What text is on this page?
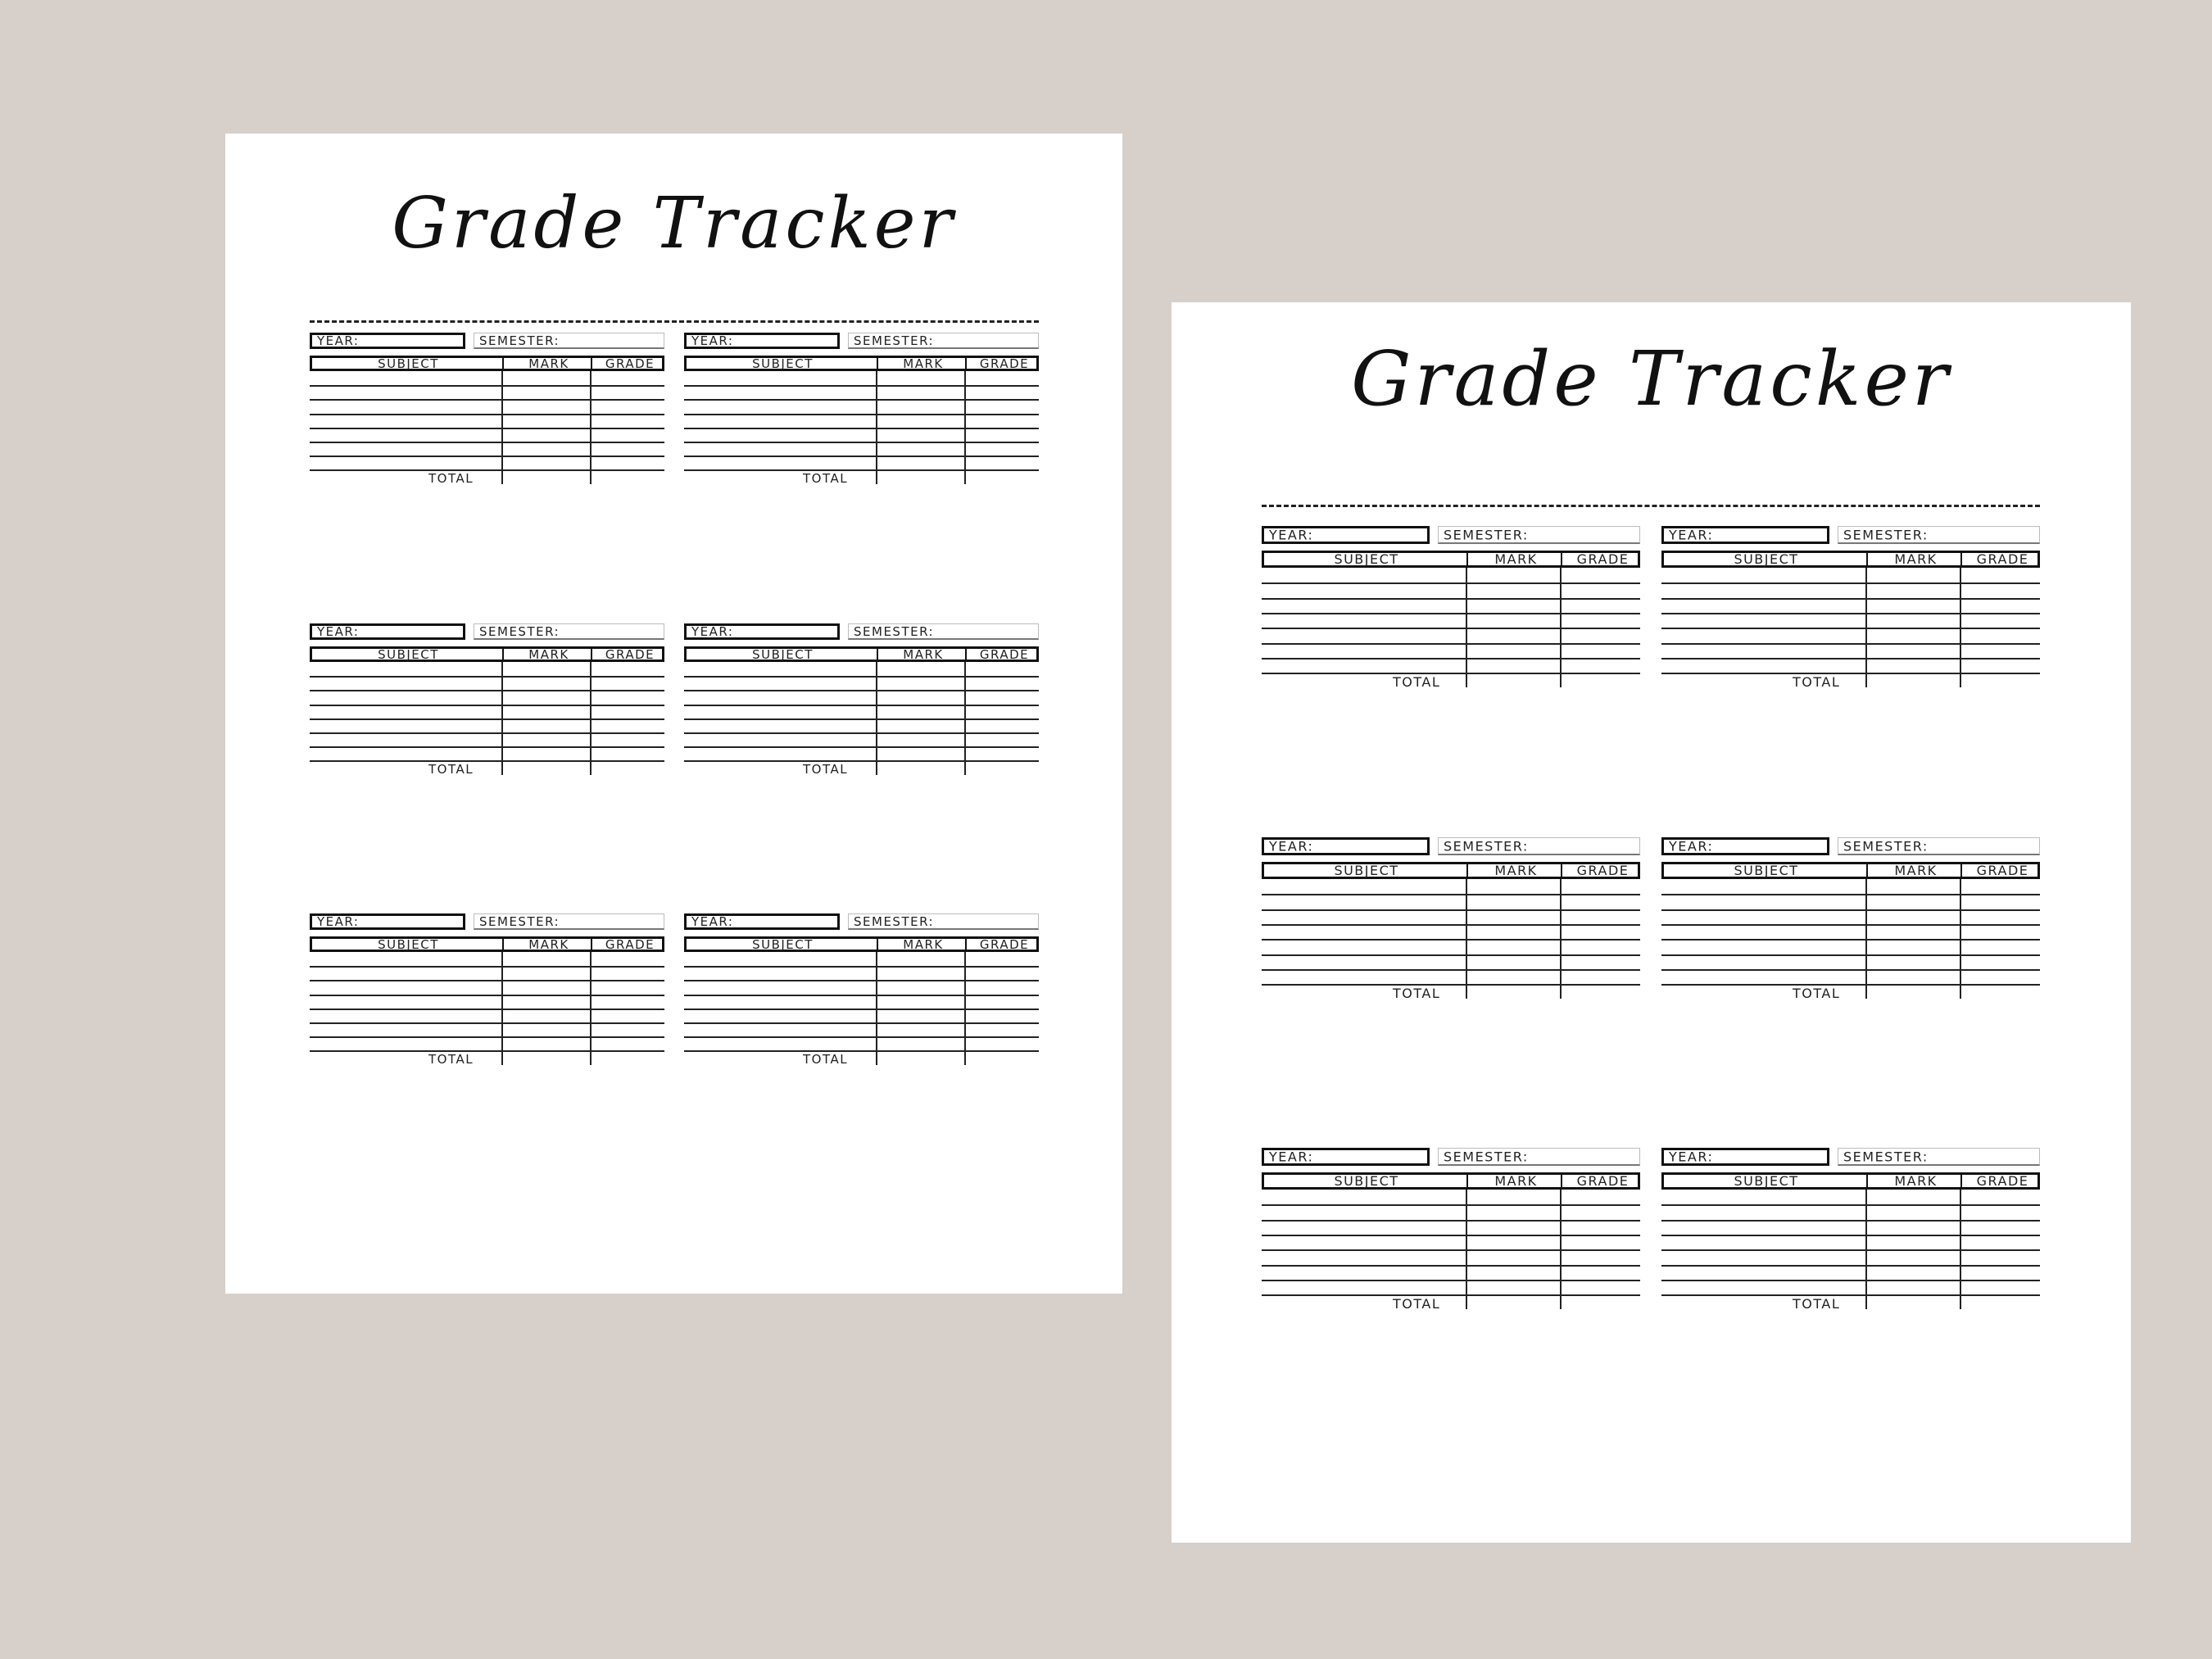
Grade Tracker
YEAR:	SEMESTER:
SUBJECT	MARK	GRADE
TOTAL
YEAR:	SEMESTER:
SUBJECT	MARK	GRADE
TOTAL
YEAR:	SEMESTER:
SUBJECT	MARK	GRADE
TOTAL
YEAR:	SEMESTER:
SUBJECT	MARK	GRADE
TOTAL
YEAR:	SEMESTER:
SUBJECT	MARK	GRADE
TOTAL
YEAR:	SEMESTER:
SUBJECT	MARK	GRADE
TOTAL
Grade Tracker
YEAR:	SEMESTER:
SUBJECT	MARK	GRADE
TOTAL
YEAR:	SEMESTER:
SUBJECT	MARK	GRADE
TOTAL
YEAR:	SEMESTER:
SUBJECT	MARK	GRADE
TOTAL
YEAR:	SEMESTER:
SUBJECT	MARK	GRADE
TOTAL
YEAR:	SEMESTER:
SUBJECT	MARK	GRADE
TOTAL
YEAR:	SEMESTER:
SUBJECT	MARK	GRADE
TOTAL
